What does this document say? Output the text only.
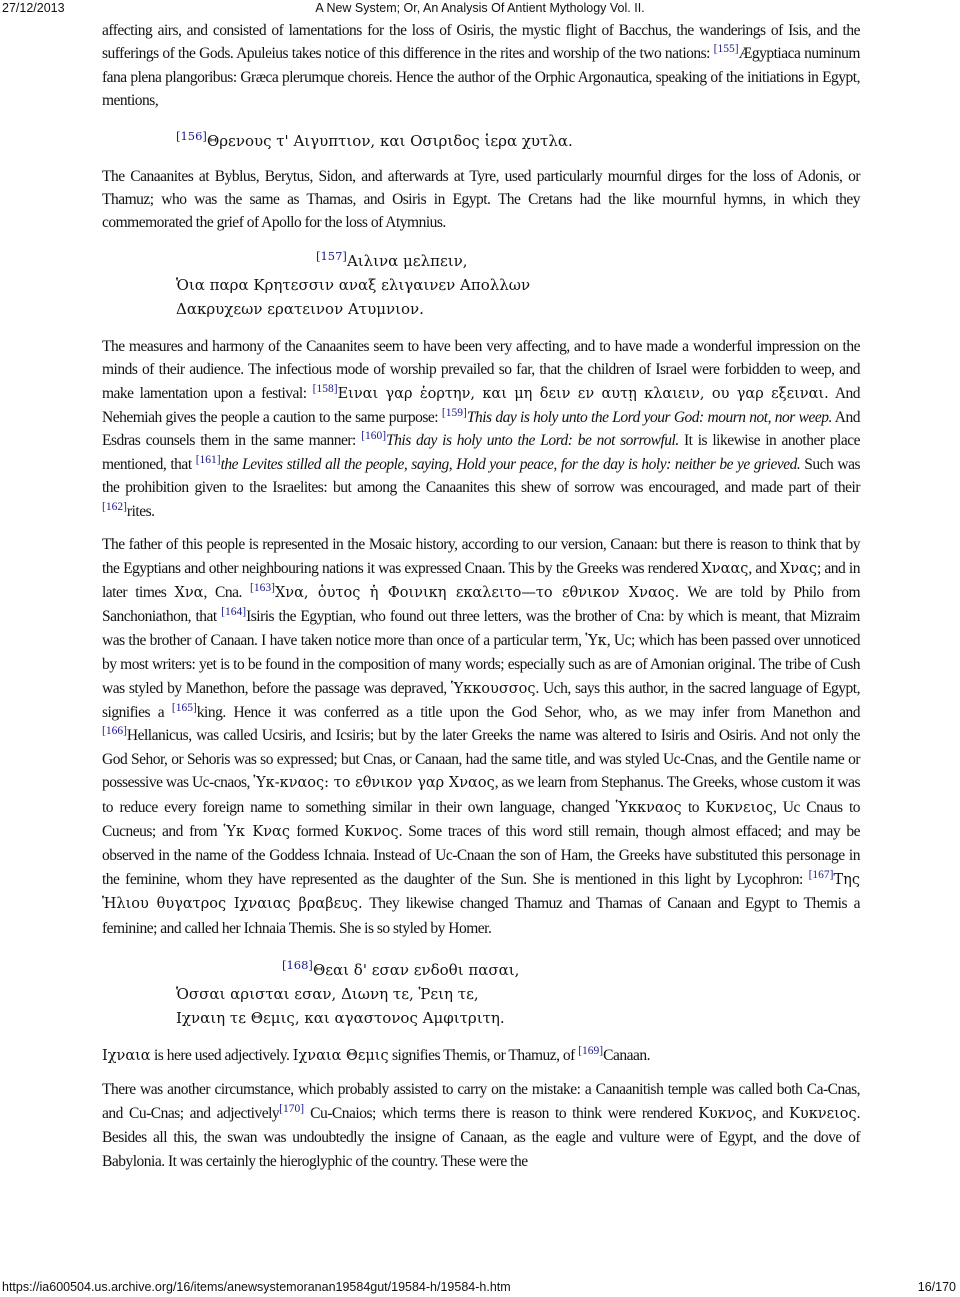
27/12/2013	A New System; Or, An Analysis Of Antient Mythology Vol. II.

affecting airs, and consisted of lamentations for the loss of Osiris, the mystic flight of Bacchus, the wanderings of Isis, and the sufferings of the Gods. Apuleius takes notice of this difference in the rites and worship of the two nations: [155]Ægyptiaca numinum fana plena plangoribus: Græca plerumque choreis. Hence the author of the Orphic Argonautica, speaking of the initiations in Egypt, mentions,

[156]Θρενους τ' Αιγυπτιον, και Οσιριδος ἱερα χυτλα.

The Canaanites at Byblus, Berytus, Sidon, and afterwards at Tyre, used particularly mournful dirges for the loss of Adonis, or Thamuz; who was the same as Thamas, and Osiris in Egypt. The Cretans had the like mournful hymns, in which they commemorated the grief of Apollo for the loss of Atymnius.

[157]Αιλινα μελπειν,
Ὁια παρα Κρητεσσιν αναξ ελιγαινεν Απολλων
Δακρυχεων ερατεινον Ατυμνιον.

The measures and harmony of the Canaanites seem to have been very affecting, and to have made a wonderful impression on the minds of their audience. The infectious mode of worship prevailed so far, that the children of Israel were forbidden to weep, and make lamentation upon a festival: [158]Ειναι γαρ ἑορτην, και μη δειν εν αυτῃ κλαιειν, ου γαρ εξειναι. And Nehemiah gives the people a caution to the same purpose: [159]This day is holy unto the Lord your God: mourn not, nor weep. And Esdras counsels them in the same manner: [160]This day is holy unto the Lord: be not sorrowful. It is likewise in another place mentioned, that [161]the Levites stilled all the people, saying, Hold your peace, for the day is holy: neither be ye grieved. Such was the prohibition given to the Israelites: but among the Canaanites this shew of sorrow was encouraged, and made part of their [162]rites.

The father of this people is represented in the Mosaic history, according to our version, Canaan: but there is reason to think that by the Egyptians and other neighbouring nations it was expressed Cnaan. This by the Greeks was rendered Χναας, and Χνας; and in later times Χνα, Cna. [163]Χνα, ὁυτος ἡ Φοινικη εκαλειτο—το εθνικον Χναος. We are told by Philo from Sanchoniathon, that [164]Isiris the Egyptian, who found out three letters, was the brother of Cna: by which is meant, that Mizraim was the brother of Canaan. I have taken notice more than once of a particular term, Ὑκ, Uc; which has been passed over unnoticed by most writers: yet is to be found in the composition of many words; especially such as are of Amonian original. The tribe of Cush was styled by Manethon, before the passage was depraved, Ὑκκουσσος. Uch, says this author, in the sacred language of Egypt, signifies a [165]king. Hence it was conferred as a title upon the God Sehor, who, as we may infer from Manethon and [166]Hellanicus, was called Ucsiris, and Icsiris; but by the later Greeks the name was altered to Isiris and Osiris. And not only the God Sehor, or Sehoris was so expressed; but Cnas, or Canaan, had the same title, and was styled Uc-Cnas, and the Gentile name or possessive was Uc-cnaos, Ὑκ-κναος: το εθνικον γαρ Χναος, as we learn from Stephanus. The Greeks, whose custom it was to reduce every foreign name to something similar in their own language, changed Ὑκκναος to Κυκνειος, Uc Cnaus to Cucneus; and from Ὑκ Κνας formed Κυκνος. Some traces of this word still remain, though almost effaced; and may be observed in the name of the Goddess Ichnaia. Instead of Uc-Cnaan the son of Ham, the Greeks have substituted this personage in the feminine, whom they have represented as the daughter of the Sun. She is mentioned in this light by Lycophron: [167]Της Ἡλιου θυγατρος Ιχναιας βραβευς. They likewise changed Thamuz and Thamas of Canaan and Egypt to Themis a feminine; and called her Ichnaia Themis. She is so styled by Homer.

[168]Θεαι δ' εσαν ενδοθι πασαι,
Ὁσσαι αρισται εσαν, Διωνη τε, Ῥειη τε,
Ιχναιη τε Θεμις, και αγαστονος Αμφιτριτη.

Ιχναια is here used adjectively. Ιχναια Θεμις signifies Themis, or Thamuz, of [169]Canaan.

There was another circumstance, which probably assisted to carry on the mistake: a Canaanitish temple was called both Ca-Cnas, and Cu-Cnas; and adjectively[170] Cu-Cnaios; which terms there is reason to think were rendered Κυκνος, and Κυκνειος. Besides all this, the swan was undoubtedly the insigne of Canaan, as the eagle and vulture were of Egypt, and the dove of Babylonia. It was certainly the hieroglyphic of the country. These were the

https://ia600504.us.archive.org/16/items/anewsystemoranan19584gut/19584-h/19584-h.htm	16/170
